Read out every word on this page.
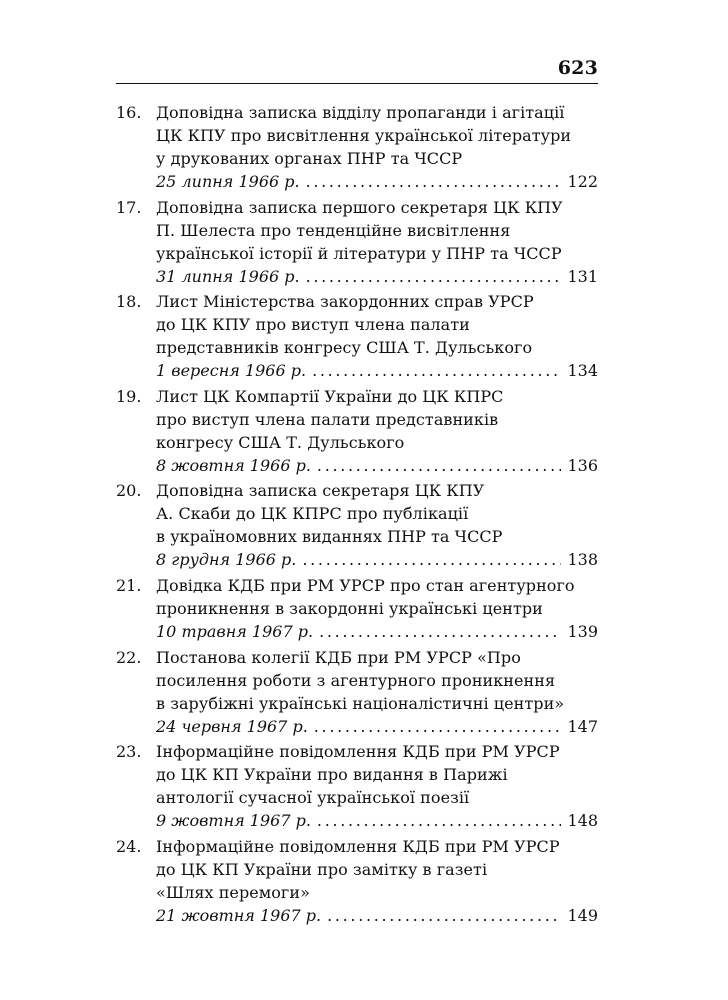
623
16. Доповідна записка відділу пропаганди і агітації
ЦК КПУ про висвітлення української літератури
у друкованих органах ПНР та ЧССР
25 липня 1966 р. . . .	122
17. Доповідна записка першого секретаря ЦК КПУ
П. Шелеста про тенденційне висвітлення
української історії й літератури у ПНР та ЧССР
31 липня 1966 р. . . .	131
18. Лист Міністерства закордонних справ УРСР
до ЦК КПУ про виступ члена палати
представників конгресу США Т. Дульського
1 вересня 1966 р. . . .	134
19. Лист ЦК Компартії України до ЦК КПРС
про виступ члена палати представників
конгресу США Т. Дульського
8 жовтня 1966 р. . . .	136
20. Доповідна записка секретаря ЦК КПУ
А. Скаби до ЦК КПРС про публікації
в україномовних виданнях ПНР та ЧССР
8 грудня 1966 р. . . .	138
21. Довідка КДБ при РМ УРСР про стан агентурного
проникнення в закордонні українські центри
10 травня 1967 р. . . .	139
22. Постанова колегії КДБ при РМ УРСР «Про
посилення роботи з агентурного проникнення
в зарубіжні українські націоналістичні центри»
24 червня 1967 р. . . .	147
23. Інформаційне повідомлення КДБ при РМ УРСР
до ЦК КП України про видання в Парижі
антології сучасної української поезії
9 жовтня 1967 р. . . .	148
24. Інформаційне повідомлення КДБ при РМ УРСР
до ЦК КП України про замітку в газеті
«Шлях перемоги»
21 жовтня 1967 р. . . .	149
